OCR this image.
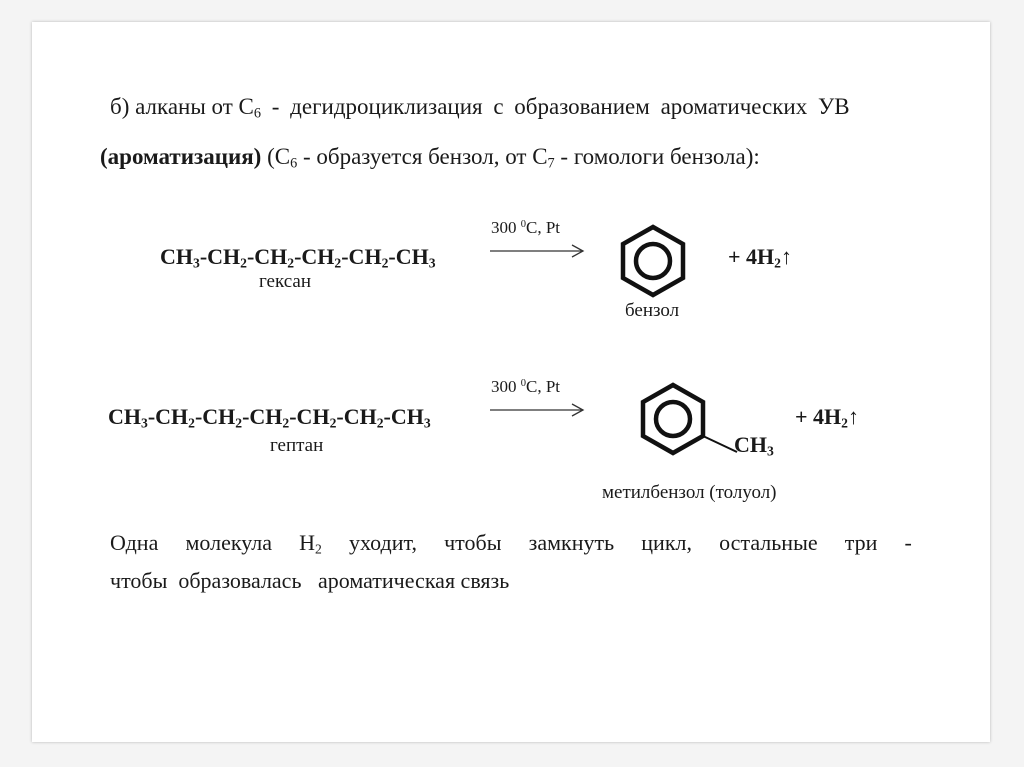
б) алканы от $С_6$ - дегидроциклизация с образованием ароматических УВ
(ароматизация) ($С_6$ - образуется бензол, от $С_7$ - гомологи бензола):
$CH_3-CH_2-CH_2-CH_2-CH_2-CH_3$
гексан
300 $^0$C, Pt
бензол
+ $4H_2↑$
$CH_3-CH_2-CH_2-CH_2-CH_2-CH_2-CH_3$
гептан
300 $^0$C, Pt
$CH_3$
метилбензол (толуол)
+ $4H_2↑$
Одна молекула $H_2$ уходит, чтобы замкнуть цикл, остальные три -
чтобы  образовалась   ароматическая связь
